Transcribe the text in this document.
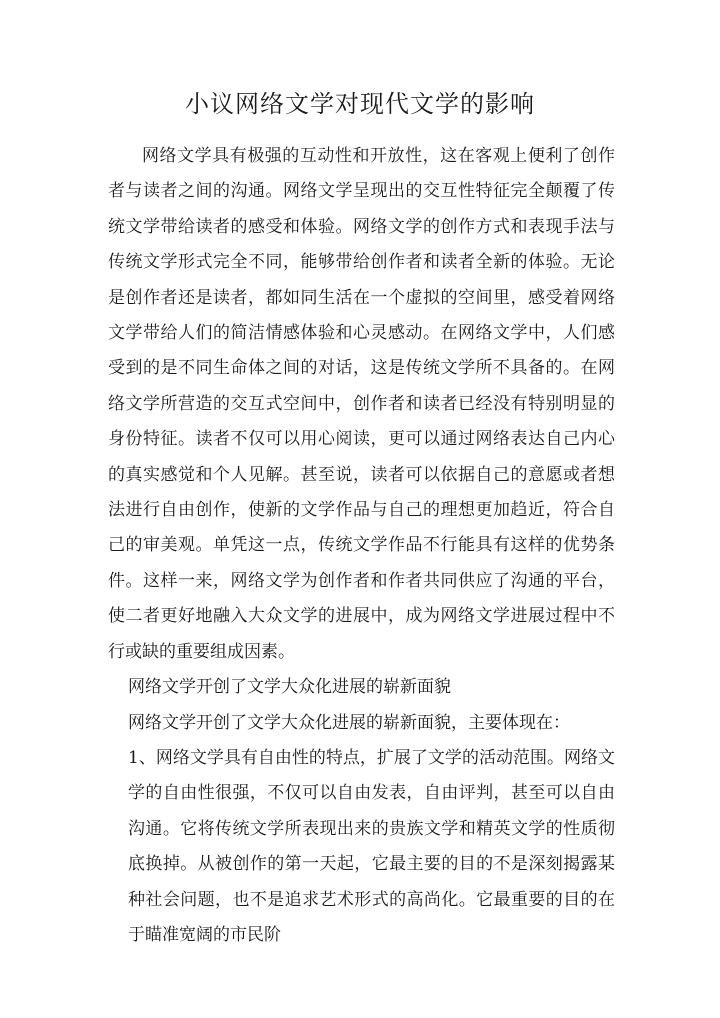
小议网络文学对现代文学的影响

网络文学具有极强的互动性和开放性，这在客观上便利了创作者与读者之间的沟通。网络文学呈现出的交互性特征完全颠覆了传统文学带给读者的感受和体验。网络文学的创作方式和表现手法与传统文学形式完全不同，能够带给创作者和读者全新的体验。无论是创作者还是读者，都如同生活在一个虚拟的空间里，感受着网络文学带给人们的简洁情感体验和心灵感动。在网络文学中，人们感受到的是不同生命体之间的对话，这是传统文学所不具备的。在网络文学所营造的交互式空间中，创作者和读者已经没有特别明显的身份特征。读者不仅可以用心阅读，更可以通过网络表达自己内心的真实感觉和个人见解。甚至说，读者可以依据自己的意愿或者想法进行自由创作，使新的文学作品与自己的理想更加趋近，符合自己的审美观。单凭这一点，传统文学作品不行能具有这样的优势条件。这样一来，网络文学为创作者和作者共同供应了沟通的平台，使二者更好地融入大众文学的进展中，成为网络文学进展过程中不行或缺的重要组成因素。

网络文学开创了文学大众化进展的崭新面貌

网络文学开创了文学大众化进展的崭新面貌，主要体现在：

1、网络文学具有自由性的特点，扩展了文学的活动范围。网络文学的自由性很强，不仅可以自由发表，自由评判，甚至可以自由沟通。它将传统文学所表现出来的贵族文学和精英文学的性质彻底换掉。从被创作的第一天起，它最主要的目的不是深刻揭露某种社会问题，也不是追求艺术形式的高尚化。它最重要的目的在于瞄准宽阔的市民阶
